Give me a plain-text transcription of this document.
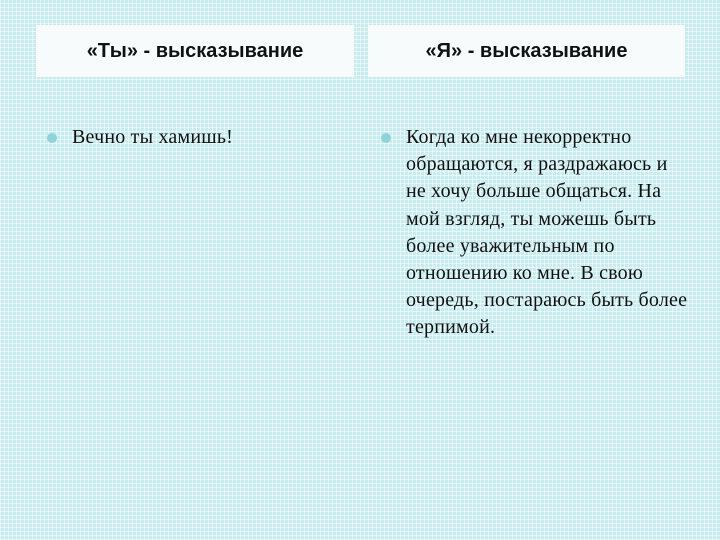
«Ты» - высказывание	«Я» - высказывание
Вечно ты хамишь!	Когда ко мне некорректно обращаются, я раздражаюсь и не хочу больше общаться. На мой взгляд, ты можешь быть более уважительным по отношению ко мне. В свою очередь, постараюсь быть более терпимой.
